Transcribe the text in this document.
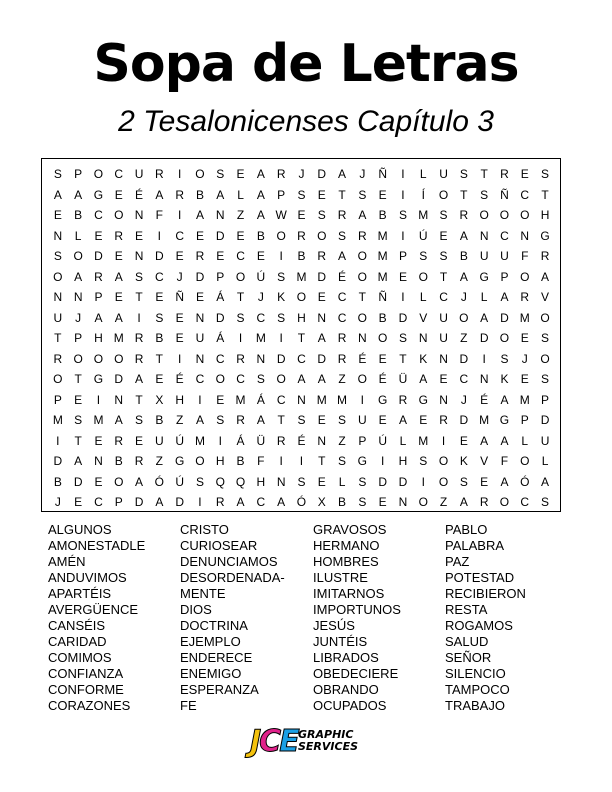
Sopa de Letras
2 Tesalonicenses Capítulo 3
S P O C U R	I	O S E	A R	J	D A	J	Ñ	I	L	U S	T	R E S
A A G E É	A R B A	L	A P S E	T	S E	I	Í	O T	S Ñ C T
E B C O N	F	I	A N Z	A W E S R A B S M S R O O O H
N	L	E R E	I	C E D E	B O R O S R M	I	Ú E	A N C N G
S O D E N D E R E C E	I	B R A O M P S S	B U U F	R
O A R A S C	J	D P O Ú S M D É O M E O T	A G P O A
N N P E	T	E Ñ E Á	T	J	K O E C	T	Ñ	I	L	C	J	L	A R V
U	J	A A	I	S E N D S C S H N C O B D V U O A D M O
T	P H M R B E U Á	I	M	I	T	A R N O S N U	Z	D O E S
R O O O R	T	I	N C R N D C D R É E	T	K N D	I	S	J	O
O T G D A	E É C O C S O A A	Z O É Ü A E C N K E S
P E	I	N T	X H	I	E M Á C N M M	I	G R G N	J	É A M P
M S M A S	B	Z	A S R A	T	S E S U E A E R D M G P D
I	T	E R E U Ú M	I	Á Ü R É N Z	P Ú	L M	I	E A A	L	U
D A N B R	Z G O H B	F	I	I	T	S G	I	H S O K V	F O L
B D E O A Ó Ú S Q Q H N S E	L	S D D	I	O S E A Ó A
J	E C P D A D	I	R A C A Ó X B	S E N O Z	A R O C S
ALGUNOS
AMONESTADLE
AMÉN
ANDUVIMOS
APARTÉIS
AVERGÜENCE
CANSÉIS
CARIDAD
COMIMOS
CONFIANZA
CONFORME
CORAZONES
CRISTO
CURIOSEAR
DENUNCIAMOS
DESORDENADA-
MENTE
DIOS
DOCTRINA
EJEMPLO
ENDERECE
ENEMIGO
ESPERANZA
FE
GRAVOSOS
HERMANO
HOMBRES
ILUSTRE
IMITARNOS
IMPORTUNOS
JESÚS
JUNTÉIS
LIBRADOS
OBEDECIERE
OBRANDO
OCUPADOS
PABLO
PALABRA
PAZ
POTESTAD
RECIBIERON
RESTA
ROGAMOS
SALUD
SEÑOR
SILENCIO
TAMPOCO
TRABAJO
JCE GRAPHIC
SERVICES
